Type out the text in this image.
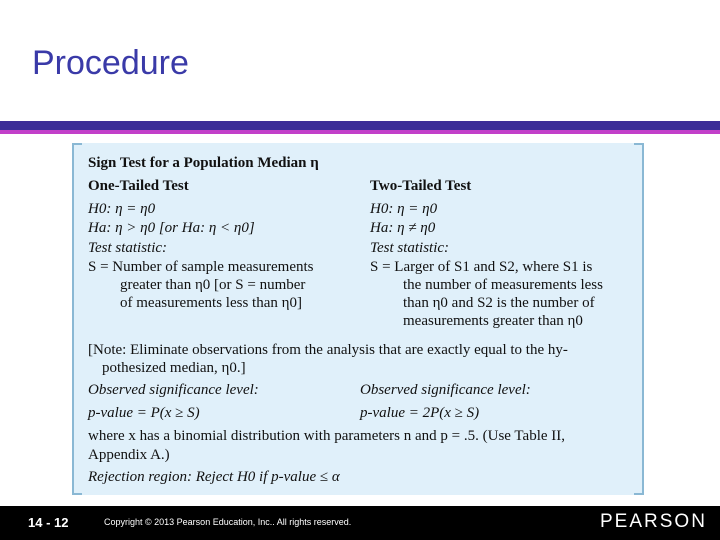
Procedure
Sign Test for a Population Median η
One-Tailed Test
H0: η = η0
Ha: η > η0 [or Ha: η < η0]
Test statistic:
S = Number of sample measurements
greater than η0 [or S = number
of measurements less than η0]
Two-Tailed Test
H0: η = η0
Ha: η ≠ η0
Test statistic:
S = Larger of S1 and S2, where S1 is
the number of measurements less
than η0 and S2 is the number of
measurements greater than η0
[Note: Eliminate observations from the analysis that are exactly equal to the hy-
pothesized median, η0.]
Observed significance level:
p-value = P(x ≥ S)
Observed significance level:
p-value = 2P(x ≥ S)
where x has a binomial distribution with parameters n and p = .5. (Use Table II,
Appendix A.)
Rejection region: Reject H0 if p-value ≤ α
14 - 12	Copyright © 2013 Pearson Education, Inc.. All rights reserved.	PEARSON
